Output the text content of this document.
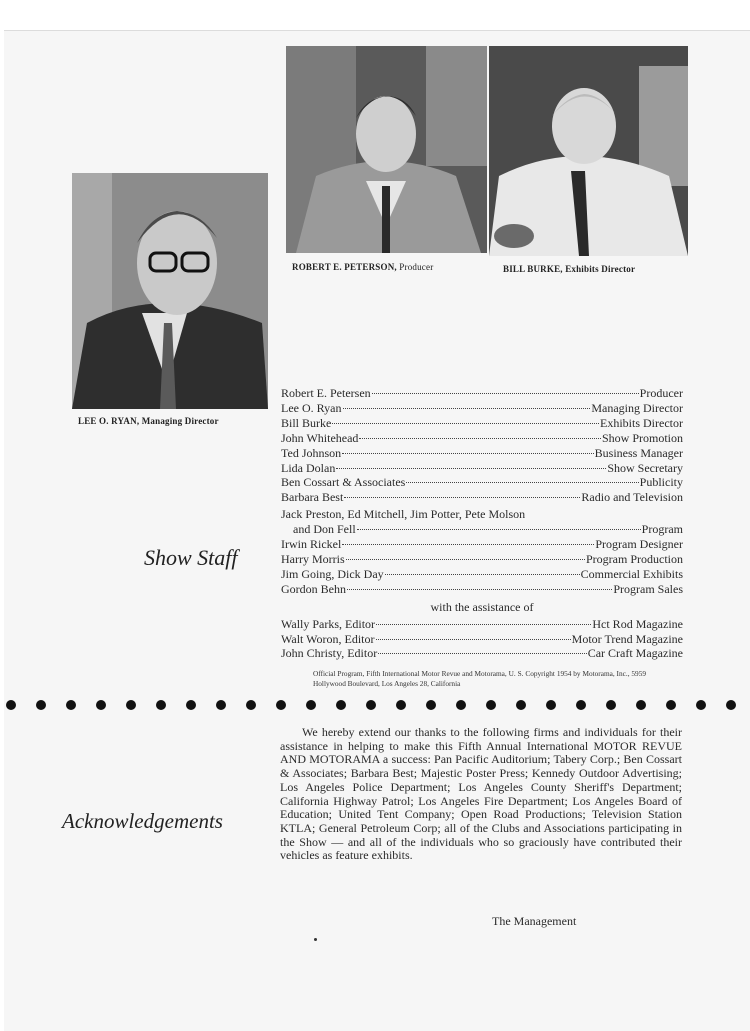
ROBERT E. PETERSON, Producer	BILL BURKE, Exhibits Director
LEE O. RYAN, Managing Director
Show Staff
Robert E. Petersen	Producer
Lee O. Ryan	Managing Director
Bill Burke	Exhibits Director
John Whitehead	Show Promotion
Ted Johnson	Business Manager
Lida Dolan	Show Secretary
Ben Cossart & Associates	Publicity
Barbara Best	Radio and Television
Jack Preston, Ed Mitchell, Jim Potter, Pete Molson
and Don Fell	Program
Irwin Rickel	Program Designer
Harry Morris	Program Production
Jim Going, Dick Day	Commercial Exhibits
Gordon Behn	Program Sales
with the assistance of
Wally Parks, Editor	Hct Rod Magazine
Walt Woron, Editor	Motor Trend Magazine
John Christy, Editor	Car Craft Magazine
Official Program, Fifth International Motor Revue and Motorama, U. S. Copyright 1954 by Motorama, Inc., 5959 Hollywood Boulevard, Los Angeles 28, California
Acknowledgements
We hereby extend our thanks to the following firms and individuals for their assistance in helping to make this Fifth Annual International MOTOR REVUE AND MOTORAMA a success: Pan Pacific Auditorium; Tabery Corp.; Ben Cossart & Associates; Barbara Best; Majestic Poster Press; Kennedy Outdoor Advertising; Los Angeles Police Department; Los Angeles County Sheriff's Department; California Highway Patrol; Los Angeles Fire Department; Los Angeles Board of Education; United Tent Company; Open Road Productions; Television Station KTLA; General Petroleum Corp; all of the Clubs and Associations participating in the Show — and all of the individuals who so graciously have contributed their vehicles as feature exhibits.
The Management
